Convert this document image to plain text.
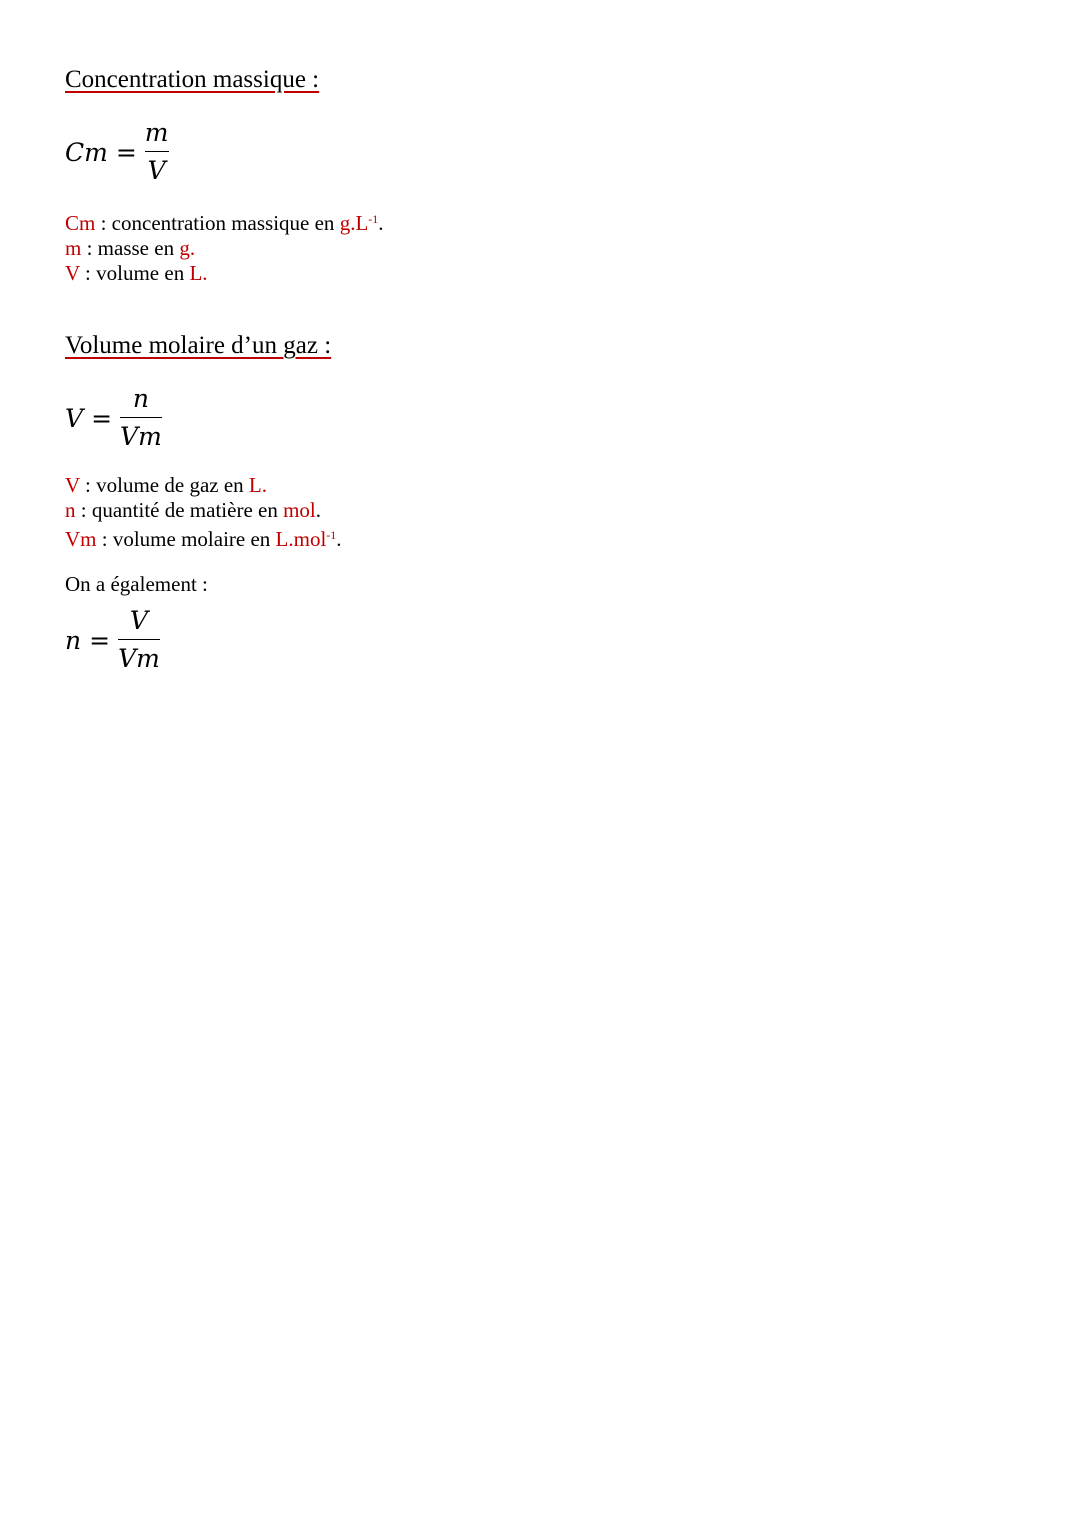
Concentration massique :
$Cm = \frac{m}{V}$
Cm : concentration massique en $g.L^{-1}$.
m : masse en g.
V : volume en L.
Volume molaire d’un gaz :
$V = \frac{n}{Vm}$
V : volume de gaz en L.
n : quantité de matière en mol.
Vm : volume molaire en L.mol$^{-1}$.
On a également :
$n = \frac{V}{Vm}$
